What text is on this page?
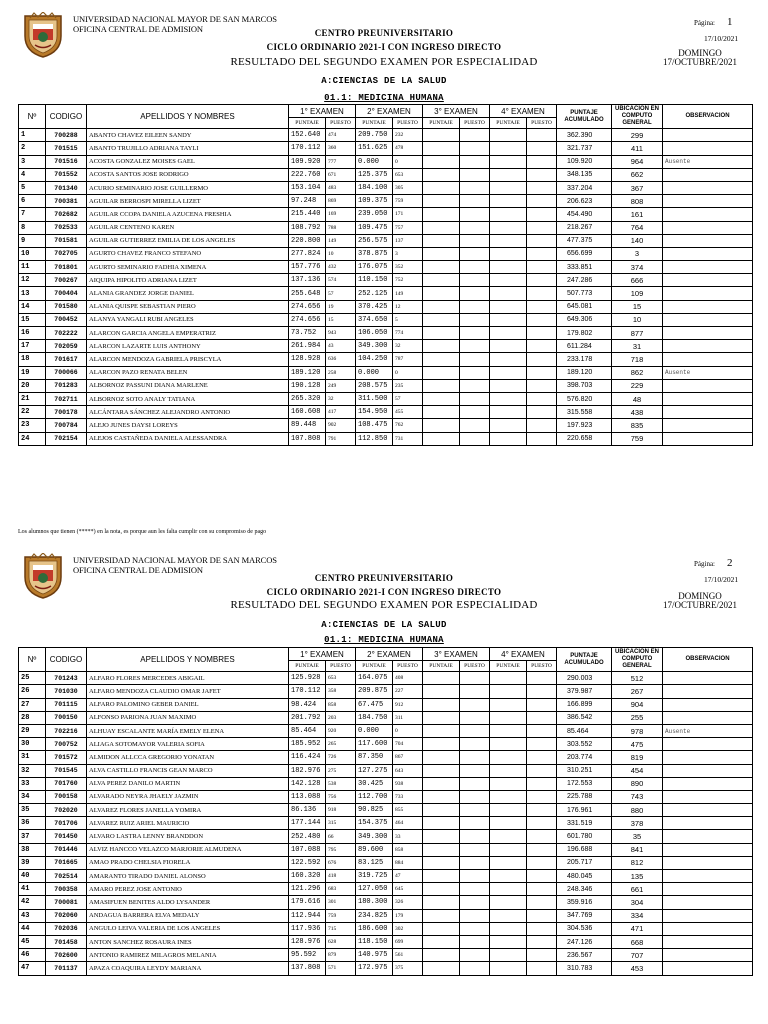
UNIVERSIDAD NACIONAL MAYOR DE SAN MARCOS
OFICINA CENTRAL DE ADMISION
Página: 1
17/10/2021
DOMINGO
17/OCTUBRE/2021
CENTRO PREUNIVERSITARIO
CICLO ORDINARIO 2021-I CON INGRESO DIRECTO
RESULTADO DEL SEGUNDO EXAMEN POR ESPECIALIDAD
A:CIENCIAS DE LA SALUD
01.1: MEDICINA HUMANA
Nº	CODIGO	APELLIDOS Y NOMBRES	1° EXAMEN		2° EXAMEN		3° EXAMEN		4° EXAMEN		PUNTAJE ACUMULADO	UBICACION EN COMPUTO GENERAL	OBSERVACION
			PUNTAJE	PUESTO	PUNTAJE	PUESTO	PUNTAJE	PUESTO	PUNTAJE	PUESTO			
1	700288	ABANTO CHAVEZ EILEEN SANDY	152.640	474	209.750	232					362.390	299	
2	701515	ABANTO TRUJILLO ADRIANA TAYLI	170.112	360	151.625	478					321.737	411	
3	701516	ACOSTA GONZALEZ MOISES GAEL	109.920	777	0.000	0					109.920	964	Ausente
4	701552	ACOSTA SANTOS JOSE RODRIGO	222.760	671	125.375	653					348.135	662	
5	701340	ACURIO SEMINARIO JOSE GUILLERMO	153.104	483	184.100	305					337.204	367	
6	700381	AGUILAR BERROSPI MIRELLA LIZET	97.248	869	109.375	759					206.623	808	
7	702682	AGUILAR CCOPA DANIELA AZUCENA FRESHIA	215.440	169	239.050	171					454.490	161	
8	702533	AGUILAR CENTENO KAREN	108.792	788	109.475	757					218.267	764	
9	701581	AGUILAR GUTIERREZ EMILIA DE LOS ANGELES	220.800	149	256.575	137					477.375	140	
10	702705	AGURTO CHAVEZ FRANCO STEFANO	277.824	10	378.875	3					656.699	3	
11	701801	AGURTO SEMINARIO FADHIA XIMENA	157.776	432	176.075	352					333.851	374	
12	700267	AIQUIPA HIPOLITO ADRIANA LIZET	137.136	574	110.150	752					247.286	666	
13	700404	ALANIA GRANDEZ JORGE DANIEL	255.648	57	252.125	149					507.773	109	
14	701580	ALANIA QUISPE SEBASTIAN PIERO	274.656	19	370.425	12					645.081	15	
15	700452	ALANYA YANGALI RUBI ANGELES	274.656	15	374.650	5					649.306	10	
16	702222	ALARCON GARCIA ANGELA EMPERATRIZ	73.752	943	106.050	774					179.802	877	
17	702059	ALARCON LAZARTE LUIS ANTHONY	261.984	43	349.300	32					611.284	31	
18	701617	ALARCON MENDOZA GABRIELA PRISCYLA	128.928	636	104.250	787					233.178	718	
19	700066	ALARCON PAZO RENATA BELEN	189.120	258	0.000	0					189.120	862	Ausente
20	701283	ALBORNOZ PASSUNI DIANA MARLENE	190.128	249	208.575	235					398.703	229	
21	702711	ALBORNOZ SOTO ANALY TATIANA	265.320	32	311.500	57					576.820	48	
22	700178	ALCÁNTARA SÁNCHEZ ALEJANDRO ANTONIO	160.608	417	154.950	455					315.558	438	
23	700784	ALEJO JUNES DAYSI LOREYS	89.448	902	108.475	762					197.923	835	
24	702154	ALEJOS CASTAÑEDA DANIELA ALESSANDRA	107.808	791	112.850	731					220.658	759	
UNIVERSIDAD NACIONAL MAYOR DE SAN MARCOS
OFICINA CENTRAL DE ADMISION
Página: 2
17/10/2021
DOMINGO
17/OCTUBRE/2021
CENTRO PREUNIVERSITARIO
CICLO ORDINARIO 2021-I CON INGRESO DIRECTO
RESULTADO DEL SEGUNDO EXAMEN POR ESPECIALIDAD
A:CIENCIAS DE LA SALUD
01.1: MEDICINA HUMANA
Nº	CODIGO	APELLIDOS Y NOMBRES	1° EXAMEN		2° EXAMEN		3° EXAMEN		4° EXAMEN		PUNTAJE ACUMULADO	UBICACION EN COMPUTO GENERAL	OBSERVACION
			PUNTAJE	PUESTO	PUNTAJE	PUESTO	PUNTAJE	PUESTO	PUNTAJE	PUESTO			
25	701243	ALFARO FLORES MERCEDES ABIGAIL	125.928	653	164.075	408					290.003	512	
26	701030	ALFARO MENDOZA CLAUDIO OMAR JAFET	170.112	358	209.875	227					379.987	267	
27	701115	ALFARO PALOMINO GEBER DANIEL	98.424	858	67.475	912					166.899	904	
28	700150	ALFONSO PARIONA JUAN MAXIMO	201.792	203	184.750	311					386.542	255	
29	702216	ALHUAY ESCALANTE MARÍA EMELY ELENA	85.464	920	0.000	0					85.464	978	Ausente
30	700752	ALIAGA SOTOMAYOR VALERIA SOFIA	185.952	265	117.600	704					303.552	475	
31	701572	ALMIDON ALLCCA GREGORIO YONATAN	116.424	726	87.350	867					203.774	819	
32	701545	ALVA CASTILLO FRANCIS GEAN MARCO	182.976	275	127.275	643					310.251	454	
33	701760	ALVA PEREZ DANILO MARTIN	142.128	538	30.425	938					172.553	890	
34	700158	ALVARADO NEYRA JHAELY JAZMIN	113.088	756	112.700	733					225.788	743	
35	702020	ALVAREZ FLORES JANELLA YOMIRA	86.136	918	90.825	855					176.961	880	
36	701706	ALVAREZ RUIZ ARIEL MAURICIO	177.144	315	154.375	464					331.519	378	
37	701450	ALVARO LASTRA LENNY BRANDDON	252.480	66	349.300	33					601.780	35	
38	701446	ALVIZ HANCCO VELAZCO MARJORIE ALMUDENA	107.088	795	89.600	858					196.688	841	
39	701665	AMAO PRADO CHELSIA FIORELA	122.592	676	83.125	884					205.717	812	
40	702514	AMARANTO TIRADO DANIEL ALONSO	160.320	418	319.725	47					480.045	135	
41	700358	AMARO PEREZ JOSE ANTONIO	121.296	683	127.050	645					248.346	661	
42	700081	AMASIFUEN BENITES ALDO LYSANDER	179.616	301	180.300	326					359.916	304	
43	702060	ANDAGUA BARRERA ELVA MEDALY	112.944	759	234.825	179					347.769	334	
44	702036	ANGULO LEIVA VALERIA DE LOS ANGELES	117.936	715	186.600	302					304.536	471	
45	701458	ANTON SANCHEZ ROSAURA INES	128.976	628	118.150	699					247.126	668	
46	702600	ANTONIO RAMIREZ MILAGROS MELANIA	95.592	879	140.975	561					236.567	707	
47	701137	APAZA COAQUIRA LEYDY MARIANA	137.808	571	172.975	375					310.783	453	
Los alumnos que tienen (*****) en la nota, es porque aun les falta cumplir con su compromiso de pago
